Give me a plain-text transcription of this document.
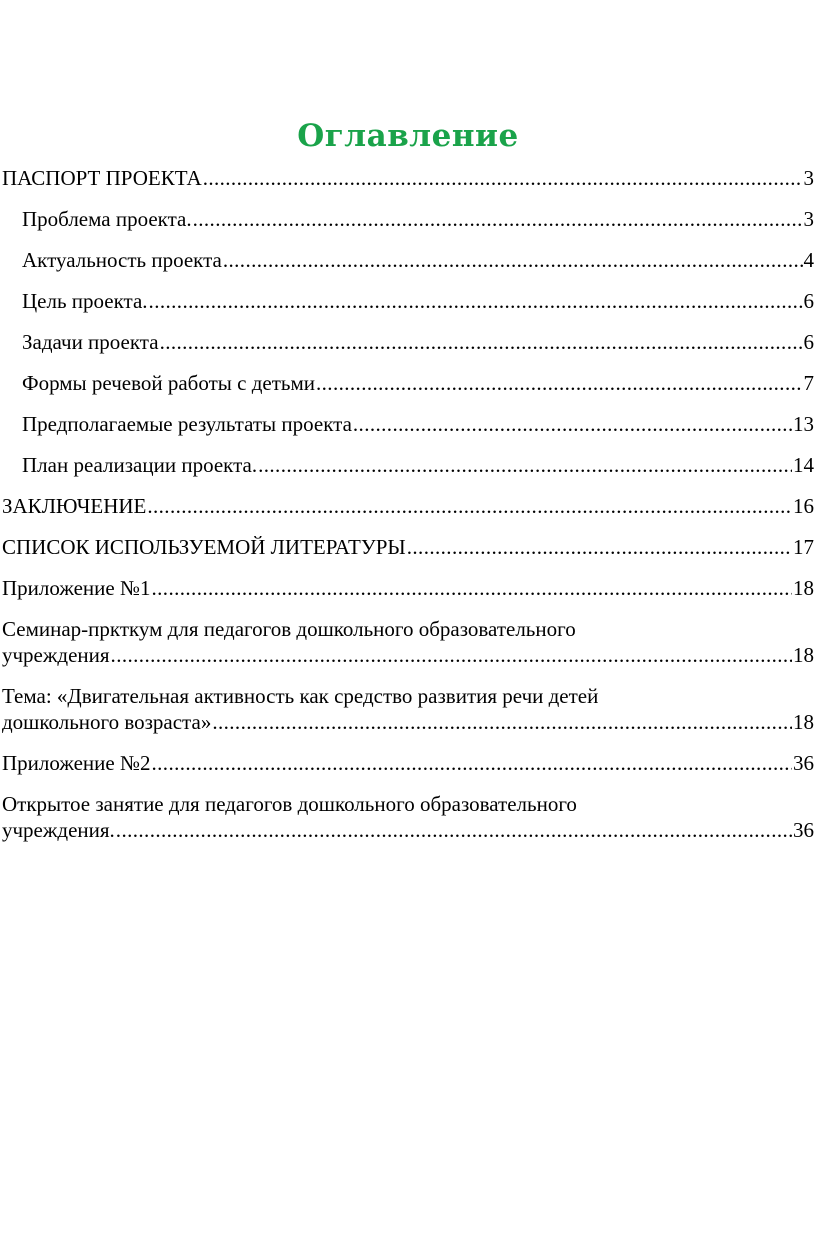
Оглавление
ПАСПОРТ ПРОЕКТА .....	3
Проблема проекта. .....	3
Актуальность проекта .....	4
Цель проекта. .....	6
Задачи проекта .....	6
Формы речевой работы с детьми .....	7
Предполагаемые результаты проекта .....	13
План реализации проекта. .....	14
ЗАКЛЮЧЕНИЕ .....	16
СПИСОК ИСПОЛЬЗУЕМОЙ ЛИТЕРАТУРЫ .....	17
Приложение №1 .....	18
Семинар-пркткум для педагогов дошкольного образовательного
учреждения .....	18
Тема: «Двигательная активность как средство развития речи детей
дошкольного возраста» .....	18
Приложение №2 .....	36
Открытое занятие для педагогов дошкольного образовательного
учреждения. .....	36
